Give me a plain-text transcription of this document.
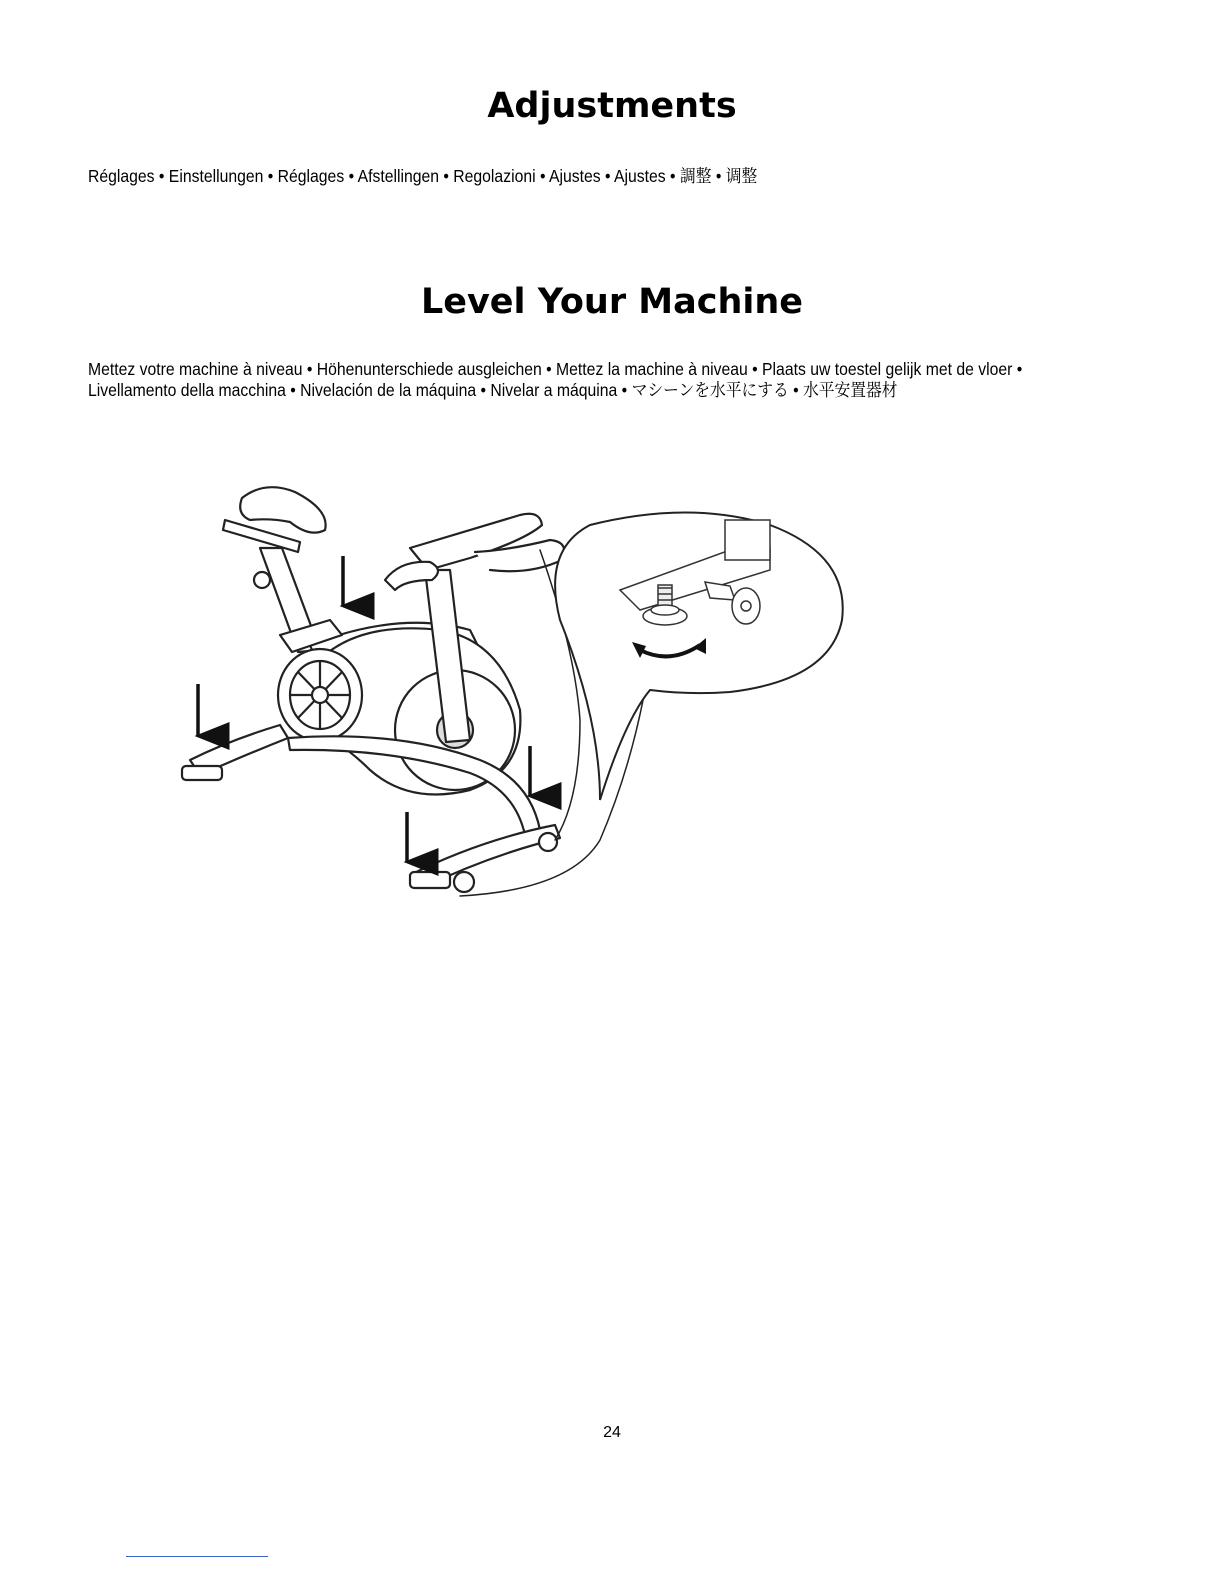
Adjustments

Réglages • Einstellungen • Réglages • Afstellingen • Regolazioni • Ajustes • Ajustes • 調整 • 调整

Level Your Machine

Mettez votre machine à niveau • Höhenunterschiede ausgleichen • Mettez la machine à niveau • Plaats uw toestel gelijk met de vloer • Livellamento della macchina • Nivelación de la máquina • Nivelar a máquina • マシーンを水平にする • 水平安置器材

24
